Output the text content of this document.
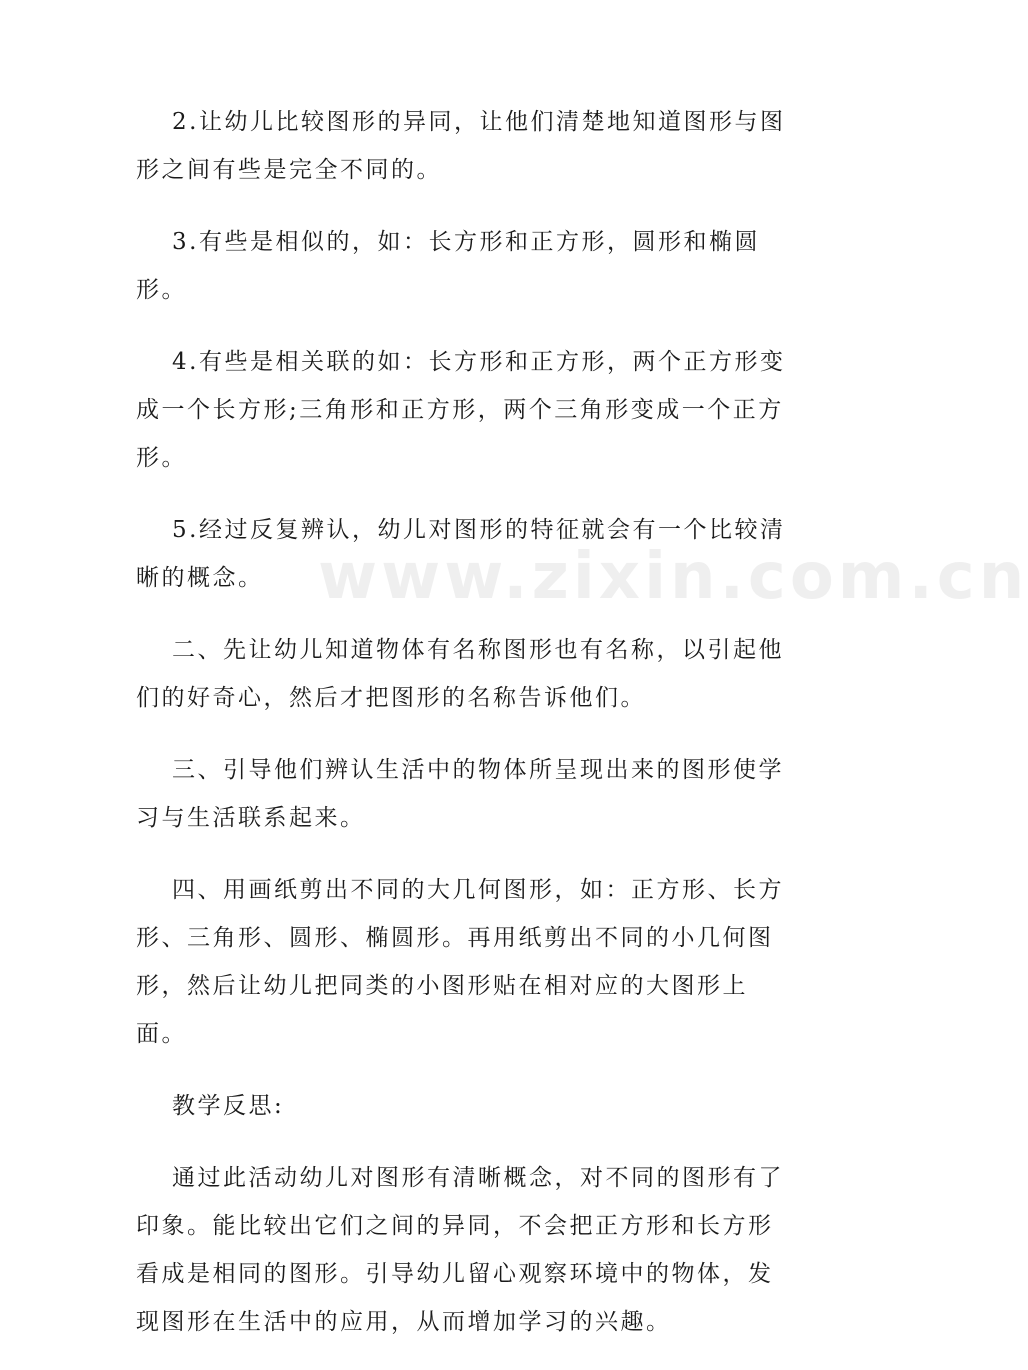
www.zixin.com.cn

2.让幼儿比较图形的异同，让他们清楚地知道图形与图形之间有些是完全不同的。

3.有些是相似的，如：长方形和正方形，圆形和椭圆形。

4.有些是相关联的如：长方形和正方形，两个正方形变成一个长方形;三角形和正方形，两个三角形变成一个正方形。

5.经过反复辨认，幼儿对图形的特征就会有一个比较清晰的概念。

二、先让幼儿知道物体有名称图形也有名称，以引起他们的好奇心，然后才把图形的名称告诉他们。

三、引导他们辨认生活中的物体所呈现出来的图形使学习与生活联系起来。

四、用画纸剪出不同的大几何图形，如：正方形、长方形、三角形、圆形、椭圆形。再用纸剪出不同的小几何图形，然后让幼儿把同类的小图形贴在相对应的大图形上面。

教学反思:

通过此活动幼儿对图形有清晰概念，对不同的图形有了印象。能比较出它们之间的异同，不会把正方形和长方形看成是相同的图形。引导幼儿留心观察环境中的物体，发现图形在生活中的应用，从而增加学习的兴趣。
